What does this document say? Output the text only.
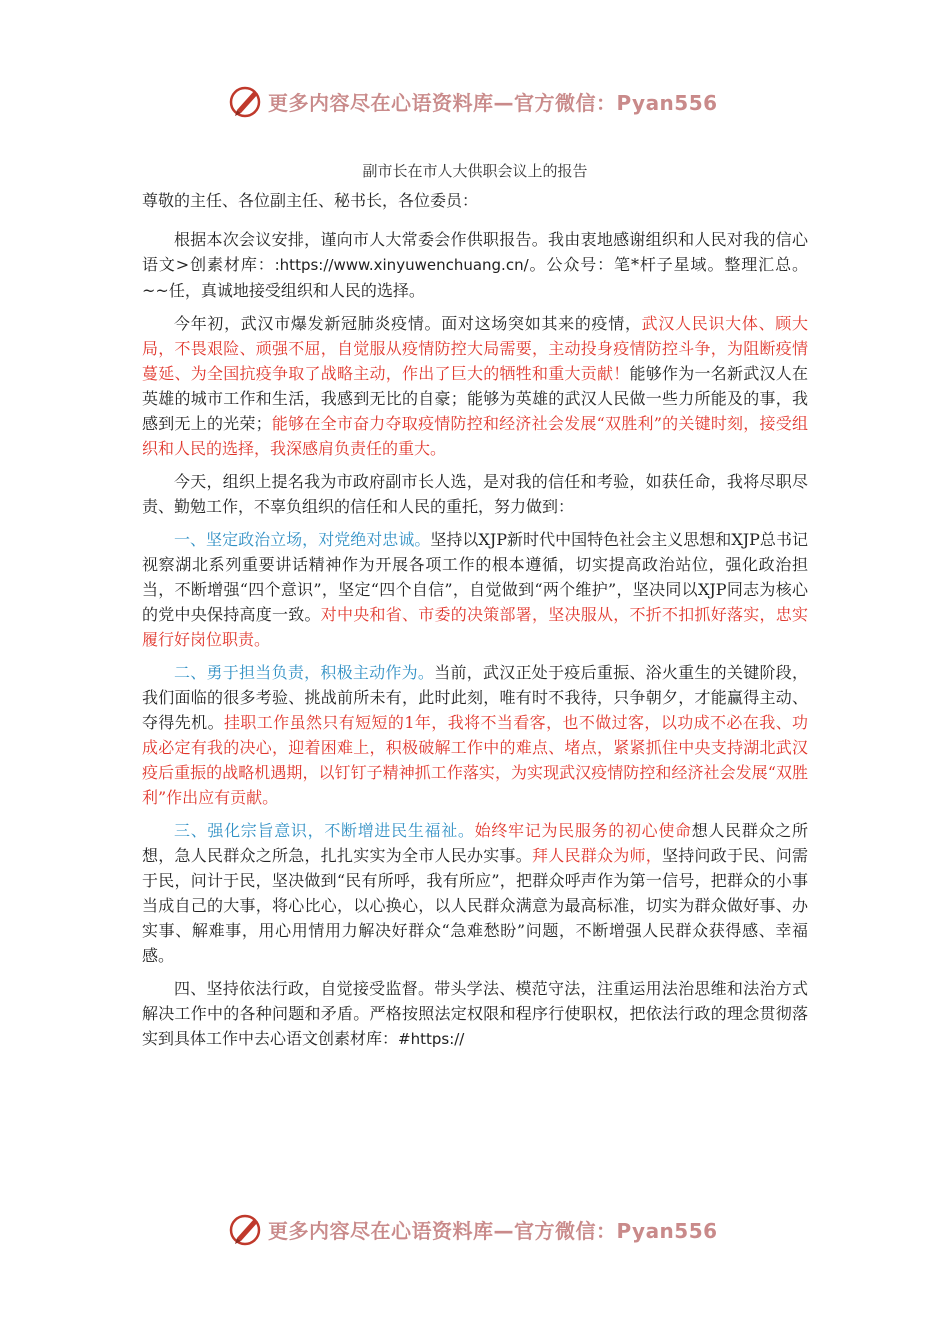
更多内容尽在心语资料库—官方微信：Pyan556
副市长在市人大供职会议上的报告

尊敬的主任、各位副主任、秘书长，各位委员：

根据本次会议安排，谨向市人大常委会作供职报告。我由衷地感谢组织和人民对我的信心语文>创素材库：:https://www.xinyuwenchuang.cn/。公众号：笔*杆子星域。整理汇总。~~任，真诚地接受组织和人民的选择。

今年初，武汉市爆发新冠肺炎疫情。面对这场突如其来的疫情，武汉人民识大体、顾大局，不畏艰险、顽强不屈，自觉服从疫情防控大局需要，主动投身疫情防控斗争，为阻断疫情蔓延、为全国抗疫争取了战略主动，作出了巨大的牺牲和重大贡献！能够作为一名新武汉人在英雄的城市工作和生活，我感到无比的自豪；能够为英雄的武汉人民做一些力所能及的事，我感到无上的光荣；能够在全市奋力夺取疫情防控和经济社会发展“双胜利”的关键时刻，接受组织和人民的选择，我深感肩负责任的重大。

今天，组织上提名我为市政府副市长人选，是对我的信任和考验，如获任命，我将尽职尽责、勤勉工作，不辜负组织的信任和人民的重托，努力做到：

一、坚定政治立场，对党绝对忠诚。坚持以XJP新时代中国特色社会主义思想和XJP总书记视察湖北系列重要讲话精神作为开展各项工作的根本遵循，切实提高政治站位，强化政治担当，不断增强“四个意识”，坚定“四个自信”，自觉做到“两个维护”，坚决同以XJP同志为核心的党中央保持高度一致。对中央和省、市委的决策部署，坚决服从，不折不扣抓好落实，忠实履行好岗位职责。

二、勇于担当负责，积极主动作为。当前，武汉正处于疫后重振、浴火重生的关键阶段，我们面临的很多考验、挑战前所未有，此时此刻，唯有时不我待，只争朝夕，才能赢得主动、夺得先机。挂职工作虽然只有短短的1年，我将不当看客，也不做过客，以功成不必在我、功成必定有我的决心，迎着困难上，积极破解工作中的难点、堵点，紧紧抓住中央支持湖北武汉疫后重振的战略机遇期，以钉钉子精神抓工作落实，为实现武汉疫情防控和经济社会发展“双胜利”作出应有贡献。

三、强化宗旨意识，不断增进民生福祉。始终牢记为民服务的初心使命想人民群众之所想，急人民群众之所急，扎扎实实为全市人民办实事。拜人民群众为师，坚持问政于民、问需于民，问计于民，坚决做到“民有所呼，我有所应”，把群众呼声作为第一信号，把群众的小事当成自己的大事，将心比心，以心换心，以人民群众满意为最高标准，切实为群众做好事、办实事、解难事，用心用情用力解决好群众“急难愁盼”问题，不断增强人民群众获得感、幸福感。

四、坚持依法行政，自觉接受监督。带头学法、模范守法，注重运用法治思维和法治方式解决工作中的各种问题和矛盾。严格按照法定权限和程序行使职权，把依法行政的理念贯彻落实到具体工作中去心语文创素材库：#https://

更多内容尽在心语资料库—官方微信：Pyan556
